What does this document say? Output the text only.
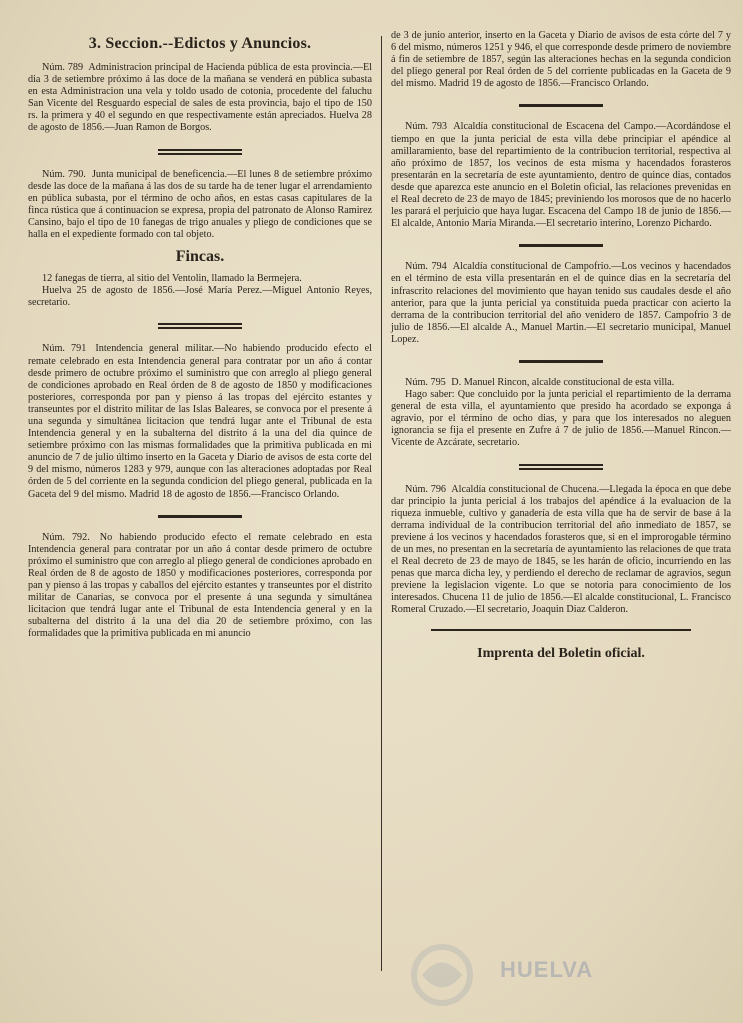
3. Seccion.--Edictos y Anuncios.

Núm. 789 Administracion principal de Hacienda pública de esta provincia.—El dia 3 de setiembre próximo á las doce de la mañana se venderá en pública subasta en esta Administracion una vela y toldo usado de cotonia, procedente del faluchu San Vicente del Resguardo especial de sales de esta provincia, bajo el tipo de 150 rs. la primera y 40 el segundo en que respectivamente están apreciados. Huelva 28 de agosto de 1856.—Juan Ramon de Borgos.

Núm. 790. Junta municipal de beneficencia.—El lunes 8 de setiembre próximo desde las doce de la mañana á las dos de su tarde ha de tener lugar el arrendamiento en pública subasta, por el término de ocho años, en estas casas capitulares de la finca rústica que á continuacion se expresa, propia del patronato de Alonso Ramirez Cansino, bajo el tipo de 10 fanegas de trigo anuales y pliego de condiciones que se halla en el expediente formado con tal objeto.

Fincas.

12 fanegas de tierra, al sitio del Ventolin, llamado la Bermejera.

Huelva 25 de agosto de 1856.—José María Perez.—Miguel Antonio Reyes, secretario.

Núm. 791 Intendencia general militar.—No habiendo producido efecto el remate celebrado en esta Intendencia general para contratar por un año á contar desde primero de octubre próximo el suministro que con arreglo al pliego general de condiciones aprobado en Real órden de 8 de agosto de 1850 y modificaciones posteriores, corresponda por pan y pienso á las tropas del ejército estantes y transeuntes por el distrito militar de las Islas Baleares, se convoca por el presente á una segunda y simultánea licitacion que tendrá lugar ante el Tribunal de esta Intendencia general y en la subalterna del distrito á la una del dia quince de setiembre próximo con las mismas formalidades que la primitiva publicada en mi anuncio de 7 de julio último inserto en la Gaceta y Diario de avisos de esta corte del 9 del mismo, números 1283 y 979, aunque con las alteraciones adoptadas por Real órden de 5 del corriente en la segunda condicion del pliego general, publicada en la Gaceta del 9 del mismo. Madrid 18 de agosto de 1856.—Francisco Orlando.

Núm. 792. No habiendo producido efecto el remate celebrado en esta Intendencia general para contratar por un año á contar desde primero de octubre próximo el suministro que con arreglo al pliego general de condiciones aprobado en Real órden de 8 de agosto de 1850 y modificaciones posteriores, corresponda por pan y pienso á las tropas y caballos del ejército estantes y transeuntes por el distrito militar de Canarias, se convoca por el presente á una segunda y simultánea licitacion que tendrá lugar ante el Tribunal de esta Intendencia general y en la subalterna del distrito á la una del dia 20 de setiembre próximo, con las formalidades que la primitiva publicada en mi anuncio

de 3 de junio anterior, inserto en la Gaceta y Diario de avisos de esta córte del 7 y 6 del mismo, números 1251 y 946, el que corresponde desde primero de noviembre á fin de setiembre de 1857, según las alteraciones hechas en la segunda condicion del pliego general por Real órden de 5 del corriente publicadas en la Gaceta de 9 del mismo. Madrid 19 de agosto de 1856.—Francisco Orlando.

Núm. 793 Alcaldía constitucional de Escacena del Campo.—Acordándose el tiempo en que la junta pericial de esta villa debe principiar el apéndice al amillaramiento, base del repartimiento de la contribucion territorial, respectiva al año próximo de 1857, los vecinos de esta misma y hacendados forasteros presentarán en la secretaría de este ayuntamiento, dentro de quince dias, contados desde que aparezca este anuncio en el Boletin oficial, las relaciones prevenidas en el Real decreto de 23 de mayo de 1845; previniendo los morosos que de no hacerlo les parará el perjuicio que haya lugar. Escacena del Campo 18 de junio de 1856.—El alcalde, Antonio María Miranda.—El secretario interino, Lorenzo Pichardo.

Núm. 794 Alcaldía constitucional de Campofrio.—Los vecinos y hacendados en el término de esta villa presentarán en el de quince dias en la secretaría del infrascrito relaciones del movimiento que hayan tenido sus caudales desde el año anterior, para que la junta pericial ya constituida pueda practicar con acierto la derrama de la contribucion territorial del año venidero de 1857. Campofrio 3 de julio de 1856.—El alcalde A., Manuel Martin.—El secretario municipal, Manuel Lopez.

Núm. 795 D. Manuel Rincon, alcalde constitucional de esta villa.

Hago saber: Que concluido por la junta pericial el repartimiento de la derrama general de esta villa, el ayuntamiento que presido ha acordado se exponga á agravio, por el término de ocho dias, y para que los interesados no aleguen ignorancia se fija el presente en Zufre á 7 de julio de 1856.—Manuel Rincon.—Vicente de Azcárate, secretario.

Núm. 796 Alcaldía constitucional de Chucena.—Llegada la época en que debe dar principio la junta pericial á los trabajos del apéndice á la evaluacion de la riqueza inmueble, cultivo y ganadería de esta villa que ha de servir de base á la derrama individual de la contribucion territorial del año inmediato de 1857, se previene á los vecinos y hacendados forasteros que, si en el improrogable término de un mes, no presentan en la secretaría de ayuntamiento las relaciones de que trata el Real decreto de 23 de mayo de 1845, se les harán de oficio, incurriendo en las penas que marca dicha ley, y perdiendo el derecho de reclamar de agravios, segun previene la legislacion vigente. Lo que se notoria para conocimiento de los interesados. Chucena 11 de julio de 1856.—El alcalde constitucional, L. Francisco Romeral Cruzado.—El secretario, Joaquin Diaz Calderon.

Imprenta del Boletin oficial.
HUELVA
